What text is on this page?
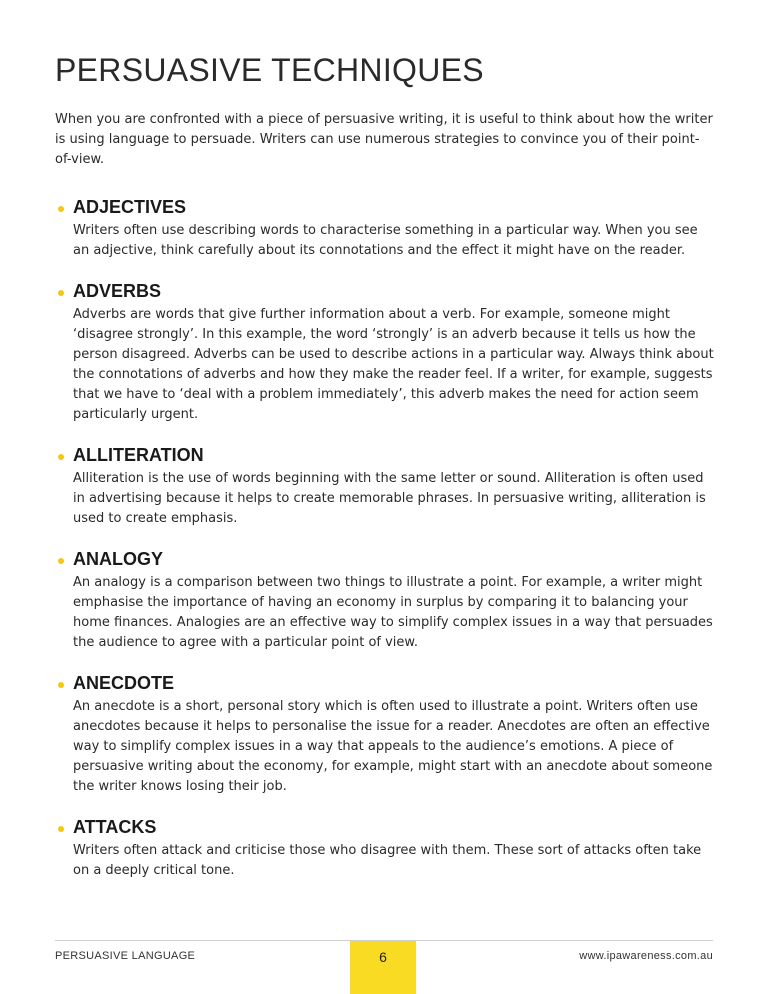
PERSUASIVE TECHNIQUES

When you are confronted with a piece of persuasive writing, it is useful to think about how the writer is using language to persuade. Writers can use numerous strategies to convince you of their point-of-view.

ADJECTIVES

Writers often use describing words to characterise something in a particular way. When you see an adjective, think carefully about its connotations and the effect it might have on the reader.

ADVERBS

Adverbs are words that give further information about a verb. For example, someone might ‘disagree strongly’. In this example, the word ‘strongly’ is an adverb because it tells us how the person disagreed. Adverbs can be used to describe actions in a particular way. Always think about the connotations of adverbs and how they make the reader feel. If a writer, for example, suggests that we have to ‘deal with a problem immediately’, this adverb makes the need for action seem particularly urgent.

ALLITERATION

Alliteration is the use of words beginning with the same letter or sound. Alliteration is often used in advertising because it helps to create memorable phrases. In persuasive writing, alliteration is used to create emphasis.

ANALOGY

An analogy is a comparison between two things to illustrate a point. For example, a writer might emphasise the importance of having an economy in surplus by comparing it to balancing your home finances. Analogies are an effective way to simplify complex issues in a way that persuades the audience to agree with a particular point of view.

ANECDOTE

An anecdote is a short, personal story which is often used to illustrate a point. Writers often use anecdotes because it helps to personalise the issue for a reader. Anecdotes are often an effective way to simplify complex issues in a way that appeals to the audience’s emotions. A piece of persuasive writing about the economy, for example, might start with an anecdote about someone the writer knows losing their job.

ATTACKS

Writers often attack and criticise those who disagree with them. These sort of attacks often take on a deeply critical tone.

PERSUASIVE LANGUAGE	6	www.ipawareness.com.au
